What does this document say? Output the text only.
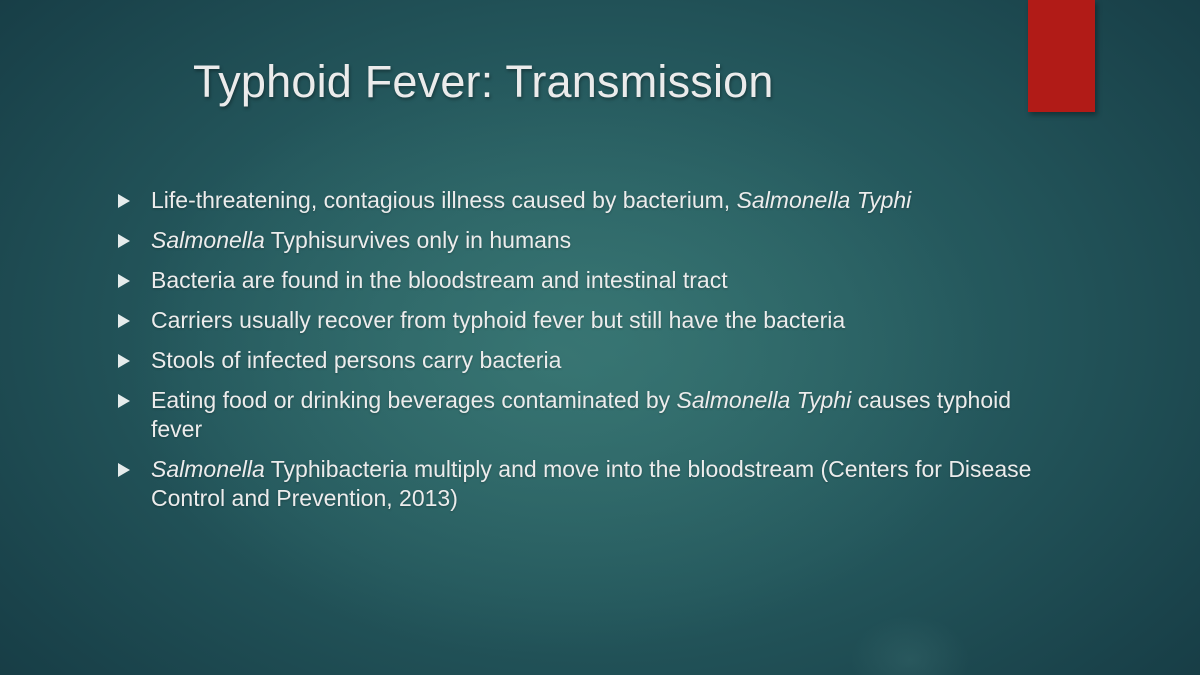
Typhoid Fever: Transmission
Life-threatening, contagious illness caused by bacterium, Salmonella Typhi
Salmonella Typhisurvives only in humans
Bacteria are found in the bloodstream and intestinal tract
Carriers usually recover from typhoid fever but still have the bacteria
Stools of infected persons carry bacteria
Eating food or drinking beverages contaminated by Salmonella Typhi causes typhoid fever
Salmonella Typhibacteria multiply and move into the bloodstream (Centers for Disease Control and Prevention, 2013)
